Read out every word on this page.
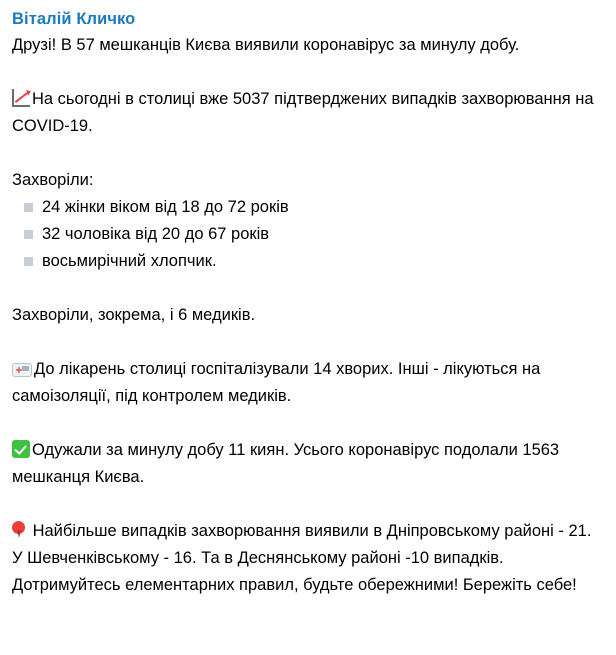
Віталій Кличко

Друзі! В 57 мешканців Києва виявили коронавірус за минулу добу.

На сьогодні в столиці вже 5037 підтверджених випадків захворювання на COVID-19.

Захворіли:

24 жінки віком від 18 до 72 років
32 чоловіка від 20 до 67 років
восьмирічний хлопчик.

Захворіли, зокрема, і 6 медиків.

До лікарень столиці госпіталізували 14 хворих. Інші - лікуються на самоізоляції, під контролем медиків.

Одужали за минулу добу 11 киян. Усього коронавірус подолали 1563 мешканця Києва.

Найбільше випадків захворювання виявили в Дніпровському районі - 21. У Шевченківському - 16. Та в Деснянському районі -10 випадків.

Дотримуйтесь елементарних правил, будьте обережними! Бережіть себе!
